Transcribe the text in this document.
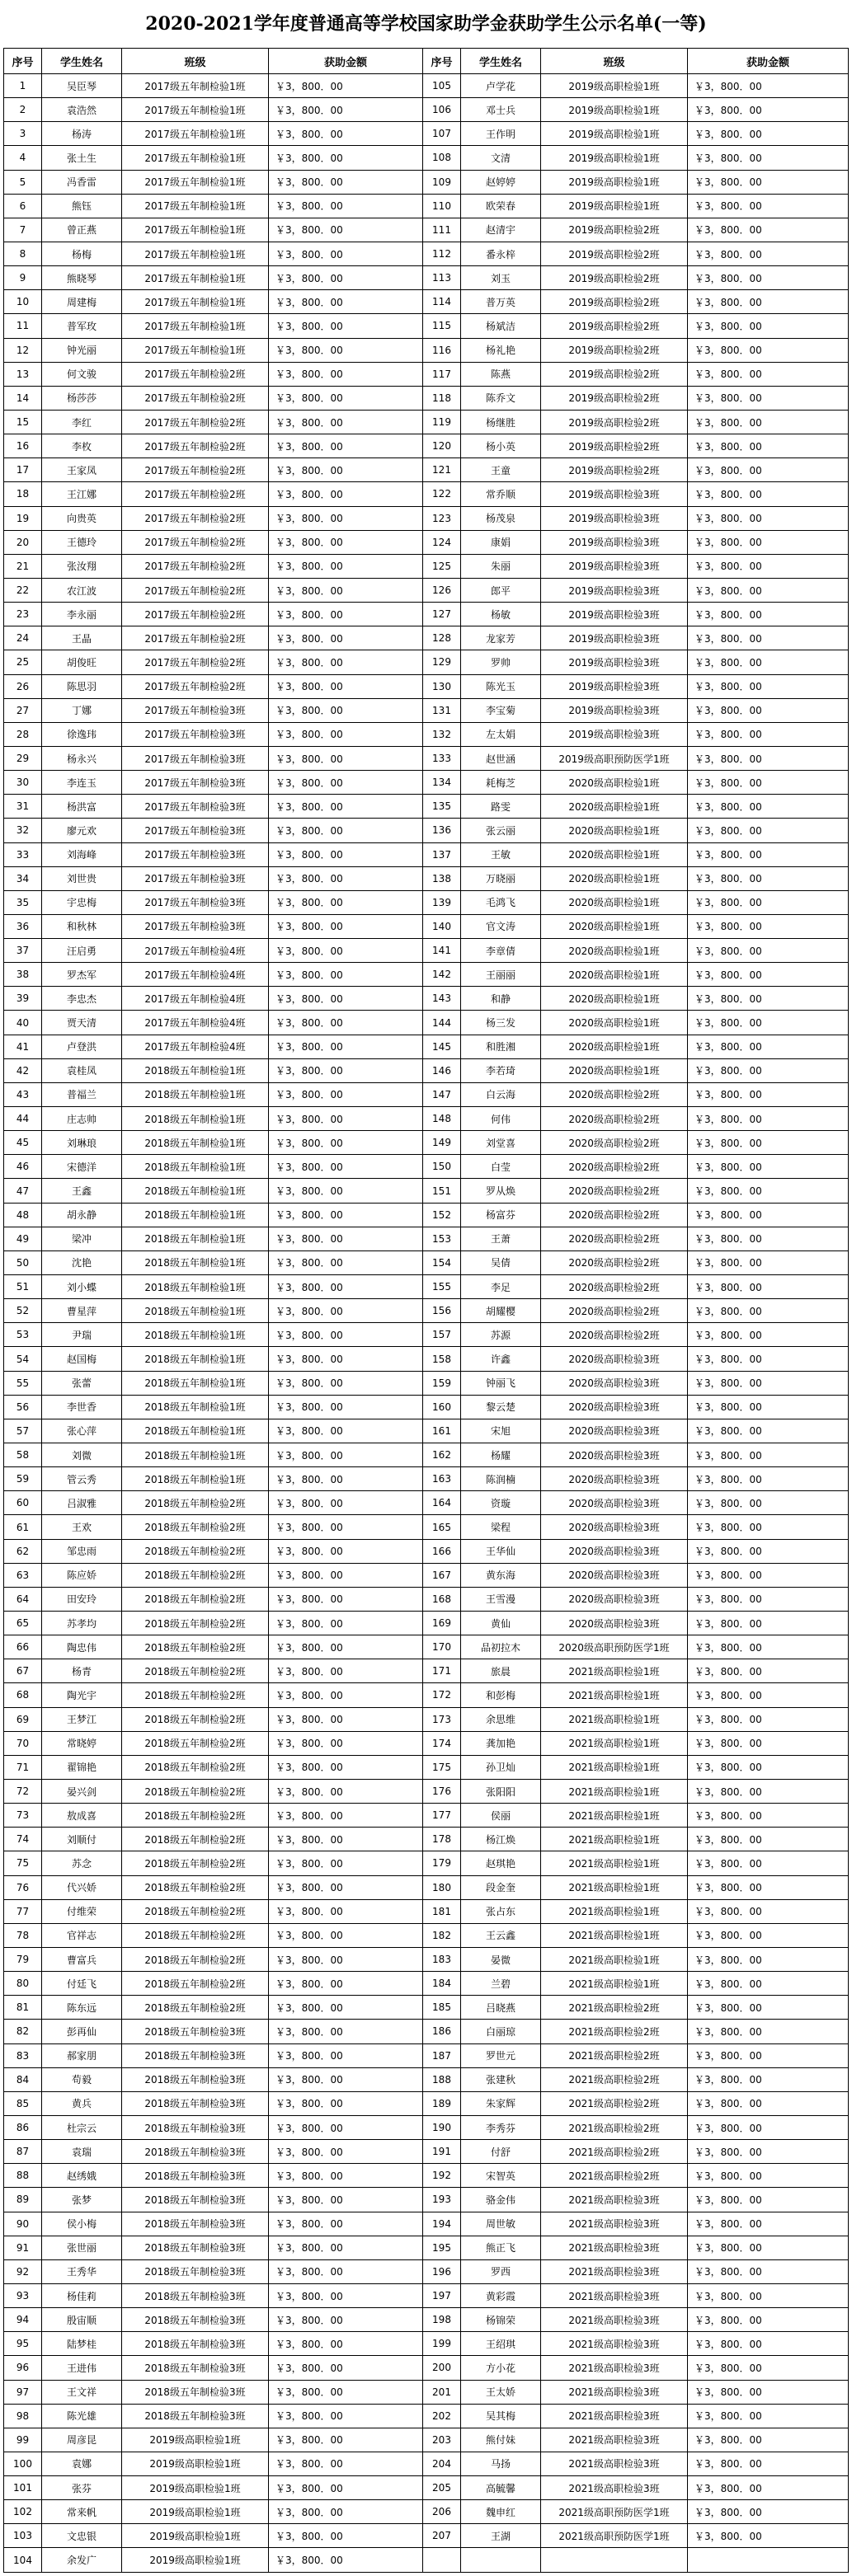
2020-2021学年度普通高等学校国家助学金获助学生公示名单(一等)
序号	学生姓名	班级	获助金额	序号	学生姓名	班级	获助金额
1	吴臣琴	2017级五年制检验1班	￥3，800．00	105	卢学花	2019级高职检验1班	￥3，800．00
2	袁浩然	2017级五年制检验1班	￥3，800．00	106	邓士兵	2019级高职检验1班	￥3，800．00
3	杨涛	2017级五年制检验1班	￥3，800．00	107	王作明	2019级高职检验1班	￥3，800．00
4	张土生	2017级五年制检验1班	￥3，800．00	108	文清	2019级高职检验1班	￥3，800．00
5	冯香雷	2017级五年制检验1班	￥3，800．00	109	赵婷婷	2019级高职检验1班	￥3，800．00
6	熊钰	2017级五年制检验1班	￥3，800．00	110	欧荣春	2019级高职检验1班	￥3，800．00
7	曾正燕	2017级五年制检验1班	￥3，800．00	111	赵清宇	2019级高职检验2班	￥3，800．00
8	杨梅	2017级五年制检验1班	￥3，800．00	112	番永梓	2019级高职检验2班	￥3，800．00
9	熊晓琴	2017级五年制检验1班	￥3，800．00	113	刘玉	2019级高职检验2班	￥3，800．00
10	周建梅	2017级五年制检验1班	￥3，800．00	114	普万英	2019级高职检验2班	￥3，800．00
11	普军玫	2017级五年制检验1班	￥3，800．00	115	杨斌洁	2019级高职检验2班	￥3，800．00
12	钟光丽	2017级五年制检验1班	￥3，800．00	116	杨礼艳	2019级高职检验2班	￥3，800．00
13	何文骏	2017级五年制检验2班	￥3，800．00	117	陈燕	2019级高职检验2班	￥3，800．00
14	杨莎莎	2017级五年制检验2班	￥3，800．00	118	陈乔文	2019级高职检验2班	￥3，800．00
15	李红	2017级五年制检验2班	￥3，800．00	119	杨继胜	2019级高职检验2班	￥3，800．00
16	李枚	2017级五年制检验2班	￥3，800．00	120	杨小英	2019级高职检验2班	￥3，800．00
17	王家凤	2017级五年制检验2班	￥3，800．00	121	王童	2019级高职检验2班	￥3，800．00
18	王江娜	2017级五年制检验2班	￥3，800．00	122	常乔顺	2019级高职检验3班	￥3，800．00
19	向贵英	2017级五年制检验2班	￥3，800．00	123	杨茂泉	2019级高职检验3班	￥3，800．00
20	王德玲	2017级五年制检验2班	￥3，800．00	124	康娟	2019级高职检验3班	￥3，800．00
21	张汝翔	2017级五年制检验2班	￥3，800．00	125	朱丽	2019级高职检验3班	￥3，800．00
22	农江波	2017级五年制检验2班	￥3，800．00	126	郎平	2019级高职检验3班	￥3，800．00
23	李永丽	2017级五年制检验2班	￥3，800．00	127	杨敏	2019级高职检验3班	￥3，800．00
24	王晶	2017级五年制检验2班	￥3，800．00	128	龙家芳	2019级高职检验3班	￥3，800．00
25	胡俊旺	2017级五年制检验2班	￥3，800．00	129	罗帅	2019级高职检验3班	￥3，800．00
26	陈思羽	2017级五年制检验2班	￥3，800．00	130	陈光玉	2019级高职检验3班	￥3，800．00
27	丁娜	2017级五年制检验3班	￥3，800．00	131	李宝菊	2019级高职检验3班	￥3，800．00
28	徐逸玮	2017级五年制检验3班	￥3，800．00	132	左太娟	2019级高职检验3班	￥3，800．00
29	杨永兴	2017级五年制检验3班	￥3，800．00	133	赵世涵	2019级高职预防医学1班	￥3，800．00
30	李连玉	2017级五年制检验3班	￥3，800．00	134	耗梅芝	2020级高职检验1班	￥3，800．00
31	杨洪富	2017级五年制检验3班	￥3，800．00	135	路雯	2020级高职检验1班	￥3，800．00
32	廖元欢	2017级五年制检验3班	￥3，800．00	136	张云丽	2020级高职检验1班	￥3，800．00
33	刘海峰	2017级五年制检验3班	￥3，800．00	137	王敏	2020级高职检验1班	￥3，800．00
34	刘世贵	2017级五年制检验3班	￥3，800．00	138	万晓丽	2020级高职检验1班	￥3，800．00
35	宇忠梅	2017级五年制检验3班	￥3，800．00	139	毛鸿飞	2020级高职检验1班	￥3，800．00
36	和秋林	2017级五年制检验3班	￥3，800．00	140	官文涛	2020级高职检验1班	￥3，800．00
37	汪启勇	2017级五年制检验4班	￥3，800．00	141	李章倩	2020级高职检验1班	￥3，800．00
38	罗杰军	2017级五年制检验4班	￥3，800．00	142	王丽丽	2020级高职检验1班	￥3，800．00
39	李忠杰	2017级五年制检验4班	￥3，800．00	143	和静	2020级高职检验1班	￥3，800．00
40	贾天清	2017级五年制检验4班	￥3，800．00	144	杨三发	2020级高职检验1班	￥3，800．00
41	卢登洪	2017级五年制检验4班	￥3，800．00	145	和胜湘	2020级高职检验1班	￥3，800．00
42	袁桂凤	2018级五年制检验1班	￥3，800．00	146	李若琦	2020级高职检验1班	￥3，800．00
43	普福兰	2018级五年制检验1班	￥3，800．00	147	白云海	2020级高职检验2班	￥3，800．00
44	庄志帅	2018级五年制检验1班	￥3，800．00	148	何伟	2020级高职检验2班	￥3，800．00
45	刘琳琅	2018级五年制检验1班	￥3，800．00	149	刘堂喜	2020级高职检验2班	￥3，800．00
46	宋德洋	2018级五年制检验1班	￥3，800．00	150	白莹	2020级高职检验2班	￥3，800．00
47	王鑫	2018级五年制检验1班	￥3，800．00	151	罗从焕	2020级高职检验2班	￥3，800．00
48	胡永静	2018级五年制检验1班	￥3，800．00	152	杨富芬	2020级高职检验2班	￥3，800．00
49	梁冲	2018级五年制检验1班	￥3，800．00	153	王萧	2020级高职检验2班	￥3，800．00
50	沈艳	2018级五年制检验1班	￥3，800．00	154	吴倩	2020级高职检验2班	￥3，800．00
51	刘小蝶	2018级五年制检验1班	￥3，800．00	155	李足	2020级高职检验2班	￥3，800．00
52	曹星萍	2018级五年制检验1班	￥3，800．00	156	胡耀樱	2020级高职检验2班	￥3，800．00
53	尹瑞	2018级五年制检验1班	￥3，800．00	157	苏源	2020级高职检验2班	￥3，800．00
54	赵国梅	2018级五年制检验1班	￥3，800．00	158	许鑫	2020级高职检验3班	￥3，800．00
55	张蕾	2018级五年制检验1班	￥3，800．00	159	钟丽飞	2020级高职检验3班	￥3，800．00
56	李世香	2018级五年制检验1班	￥3，800．00	160	黎云楚	2020级高职检验3班	￥3，800．00
57	张心萍	2018级五年制检验1班	￥3，800．00	161	宋旭	2020级高职检验3班	￥3，800．00
58	刘微	2018级五年制检验1班	￥3，800．00	162	杨耀	2020级高职检验3班	￥3，800．00
59	管云秀	2018级五年制检验1班	￥3，800．00	163	陈润楠	2020级高职检验3班	￥3，800．00
60	吕淑雅	2018级五年制检验2班	￥3，800．00	164	资璇	2020级高职检验3班	￥3，800．00
61	王欢	2018级五年制检验2班	￥3，800．00	165	梁程	2020级高职检验3班	￥3，800．00
62	邹忠雨	2018级五年制检验2班	￥3，800．00	166	王华仙	2020级高职检验3班	￥3，800．00
63	陈应娇	2018级五年制检验2班	￥3，800．00	167	黄东海	2020级高职检验3班	￥3，800．00
64	田安玲	2018级五年制检验2班	￥3，800．00	168	王雪漫	2020级高职检验3班	￥3，800．00
65	苏孝均	2018级五年制检验2班	￥3，800．00	169	黄仙	2020级高职检验3班	￥3，800．00
66	陶忠伟	2018级五年制检验2班	￥3，800．00	170	品初拉木	2020级高职预防医学1班	￥3，800．00
67	杨青	2018级五年制检验2班	￥3，800．00	171	旅晨	2021级高职检验1班	￥3，800．00
68	陶光宇	2018级五年制检验2班	￥3，800．00	172	和彭梅	2021级高职检验1班	￥3，800．00
69	王梦江	2018级五年制检验2班	￥3，800．00	173	余思维	2021级高职检验1班	￥3，800．00
70	常晓婷	2018级五年制检验2班	￥3，800．00	174	龚加艳	2021级高职检验1班	￥3，800．00
71	翟锦艳	2018级五年制检验2班	￥3，800．00	175	孙卫灿	2021级高职检验1班	￥3，800．00
72	晏兴剑	2018级五年制检验2班	￥3，800．00	176	张阳阳	2021级高职检验1班	￥3，800．00
73	敖成喜	2018级五年制检验2班	￥3，800．00	177	侯丽	2021级高职检验1班	￥3，800．00
74	刘顺付	2018级五年制检验2班	￥3，800．00	178	杨江焕	2021级高职检验1班	￥3，800．00
75	苏念	2018级五年制检验2班	￥3，800．00	179	赵琪艳	2021级高职检验1班	￥3，800．00
76	代兴娇	2018级五年制检验2班	￥3，800．00	180	段金奎	2021级高职检验1班	￥3，800．00
77	付维荣	2018级五年制检验2班	￥3，800．00	181	张占东	2021级高职检验1班	￥3，800．00
78	官祥志	2018级五年制检验2班	￥3，800．00	182	王云鑫	2021级高职检验1班	￥3，800．00
79	曹富兵	2018级五年制检验2班	￥3，800．00	183	晏微	2021级高职检验1班	￥3，800．00
80	付廷飞	2018级五年制检验2班	￥3，800．00	184	兰碧	2021级高职检验1班	￥3，800．00
81	陈东远	2018级五年制检验2班	￥3，800．00	185	吕晓燕	2021级高职检验2班	￥3，800．00
82	彭再仙	2018级五年制检验3班	￥3，800．00	186	白丽琼	2021级高职检验2班	￥3，800．00
83	郝家朋	2018级五年制检验3班	￥3，800．00	187	罗世元	2021级高职检验2班	￥3，800．00
84	苟毅	2018级五年制检验3班	￥3，800．00	188	张建秋	2021级高职检验2班	￥3，800．00
85	黄兵	2018级五年制检验3班	￥3，800．00	189	朱家辉	2021级高职检验2班	￥3，800．00
86	杜宗云	2018级五年制检验3班	￥3，800．00	190	李秀芬	2021级高职检验2班	￥3，800．00
87	袁瑞	2018级五年制检验3班	￥3，800．00	191	付舒	2021级高职检验2班	￥3，800．00
88	赵绣娥	2018级五年制检验3班	￥3，800．00	192	宋智英	2021级高职检验2班	￥3，800．00
89	张梦	2018级五年制检验3班	￥3，800．00	193	骆金伟	2021级高职检验3班	￥3，800．00
90	侯小梅	2018级五年制检验3班	￥3，800．00	194	周世敏	2021级高职检验3班	￥3，800．00
91	张世丽	2018级五年制检验3班	￥3，800．00	195	熊正飞	2021级高职检验3班	￥3，800．00
92	王秀华	2018级五年制检验3班	￥3，800．00	196	罗西	2021级高职检验3班	￥3，800．00
93	杨佳莉	2018级五年制检验3班	￥3，800．00	197	黄彩霞	2021级高职检验3班	￥3，800．00
94	殷宙顺	2018级五年制检验3班	￥3，800．00	198	杨锦荣	2021级高职检验3班	￥3，800．00
95	陆梦桂	2018级五年制检验3班	￥3，800．00	199	王绍琪	2021级高职检验3班	￥3，800．00
96	王进伟	2018级五年制检验3班	￥3，800．00	200	方小花	2021级高职检验3班	￥3，800．00
97	王文祥	2018级五年制检验3班	￥3，800．00	201	王太娇	2021级高职检验3班	￥3，800．00
98	陈光雄	2018级五年制检验3班	￥3，800．00	202	吴其梅	2021级高职检验3班	￥3，800．00
99	周彦昆	2019级高职检验1班	￥3，800．00	203	熊付妹	2021级高职检验3班	￥3，800．00
100	袁娜	2019级高职检验1班	￥3，800．00	204	马扬	2021级高职检验3班	￥3，800．00
101	张芬	2019级高职检验1班	￥3，800．00	205	高毓馨	2021级高职检验3班	￥3，800．00
102	常来帆	2019级高职检验1班	￥3，800．00	206	魏申红	2021级高职预防医学1班	￥3，800．00
103	文忠银	2019级高职检验1班	￥3，800．00	207	王湖	2021级高职预防医学1班	￥3，800．00
104	余发广	2019级高职检验1班	￥3，800．00				
